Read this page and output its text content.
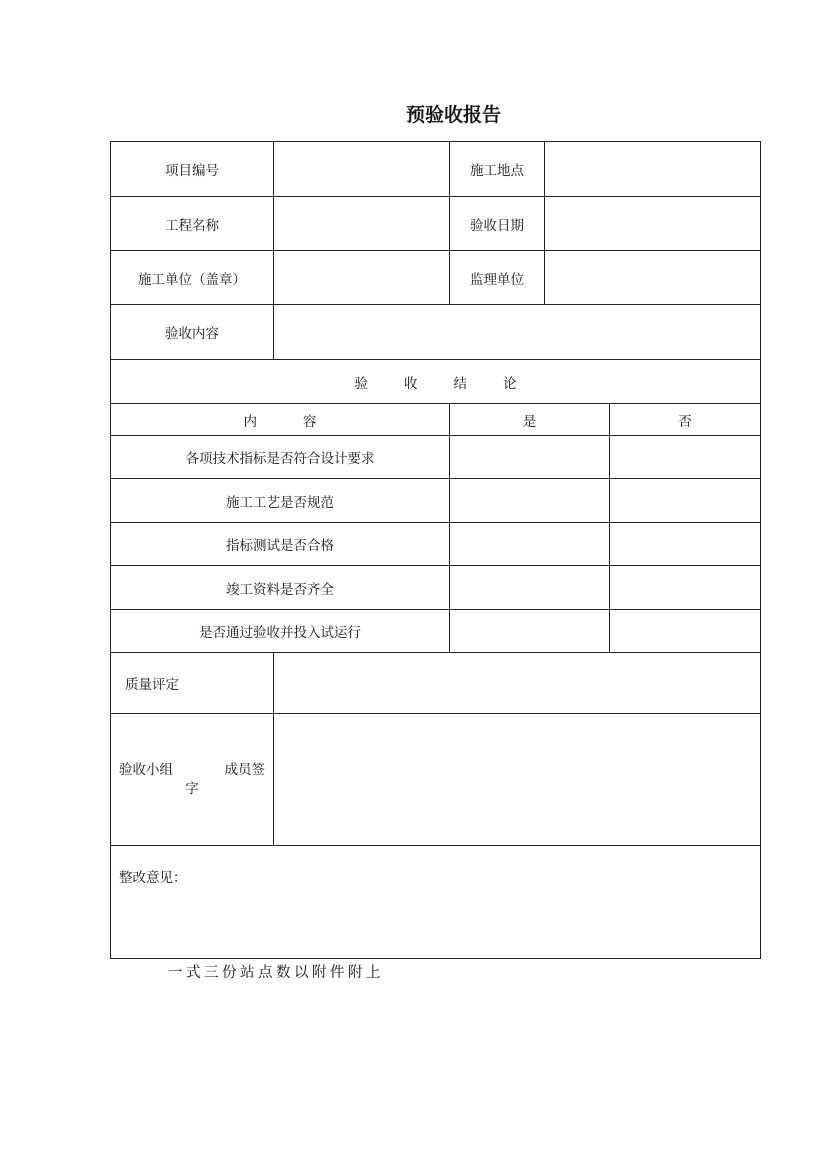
预验收报告
项目编号		施工地点		
工程名称		验收日期		
施工单位（盖章）		监理单位		
验收内容				
验 收 结 论				
内 容		是		否
各项技术指标是否符合设计要求				
施工工艺是否规范				
指标测试是否合格				
竣工资料是否齐全				
是否通过验收并投入试运行				
质量评定				

验收小组 成员签
字				

整改意见：				
一式三份站点数以附件附上
